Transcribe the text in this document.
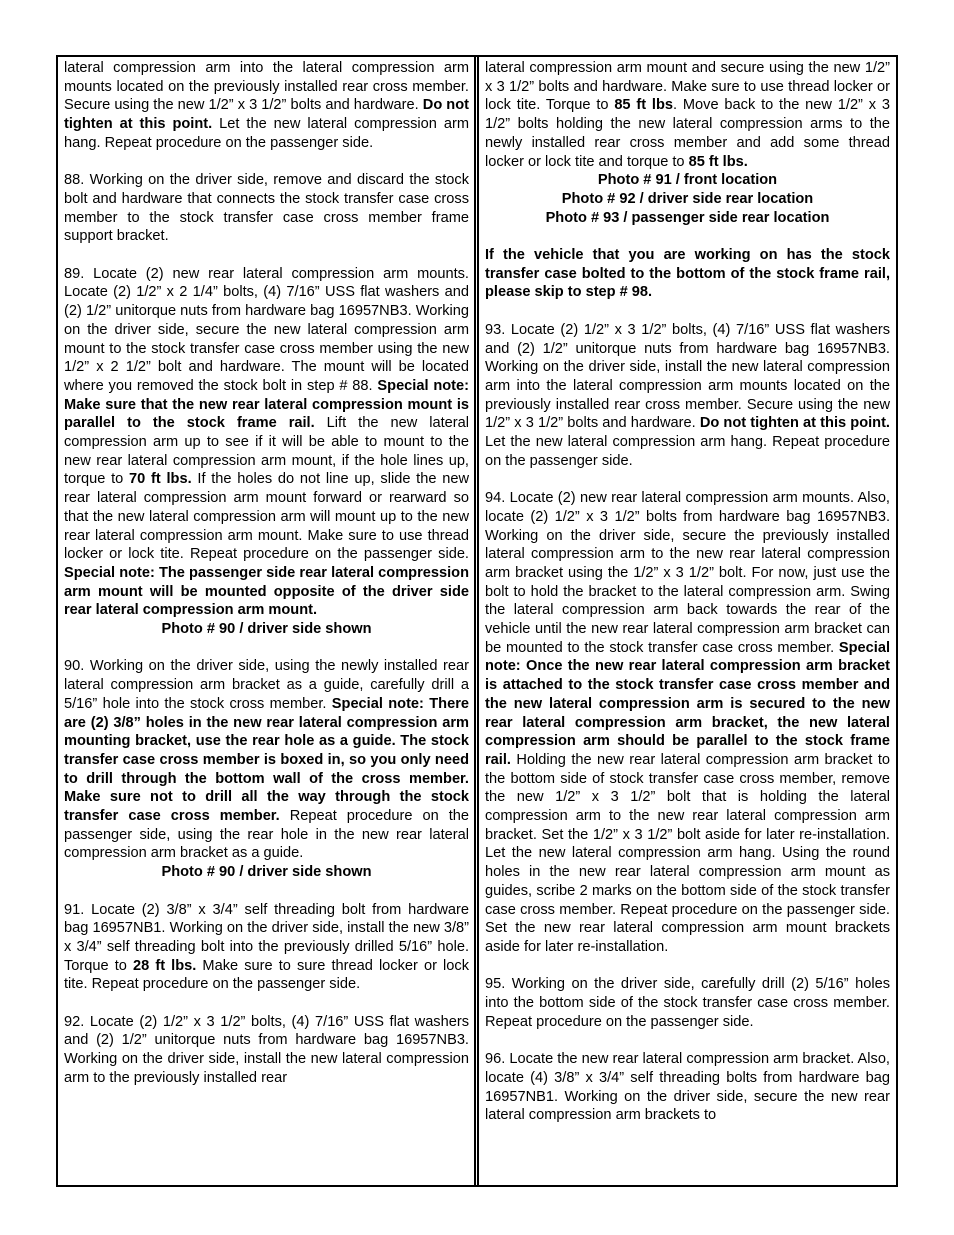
lateral compression arm into the lateral compression arm mounts located on the previously installed rear cross member. Secure using the new 1/2” x 3 1/2” bolts and hardware. Do not tighten at this point. Let the new lateral compression arm hang. Repeat procedure on the passenger side.

88. Working on the driver side, remove and discard the stock bolt and hardware that connects the stock transfer case cross member to the stock transfer case cross member frame support bracket.

89. Locate (2) new rear lateral compression arm mounts. Locate (2) 1/2” x 2 1/4” bolts, (4) 7/16” USS flat washers and (2) 1/2” unitorque nuts from hardware bag 16957NB3. Working on the driver side, secure the new lateral compression arm mount to the stock transfer case cross member using the new 1/2” x 2 1/2” bolt and hardware. The mount will be located where you removed the stock bolt in step # 88. Special note: Make sure that the new rear lateral compression mount is parallel to the stock frame rail. Lift the new lateral compression arm up to see if it will be able to mount to the new rear lateral compression arm mount, if the hole lines up, torque to 70 ft lbs. If the holes do not line up, slide the new rear lateral compression arm mount forward or rearward so that the new lateral compression arm will mount up to the new rear lateral compression arm mount. Make sure to use thread locker or lock tite. Repeat procedure on the passenger side. Special note: The passenger side rear lateral compression arm mount will be mounted opposite of the driver side rear lateral compression arm mount.

Photo # 90 / driver side shown

90. Working on the driver side, using the newly installed rear lateral compression arm bracket as a guide, carefully drill a 5/16” hole into the stock cross member. Special note: There are (2) 3/8” holes in the new rear lateral compression arm mounting bracket, use the rear hole as a guide. The stock transfer case cross member is boxed in, so you only need to drill through the bottom wall of the cross member. Make sure not to drill all the way through the stock transfer case cross member. Repeat procedure on the passenger side, using the rear hole in the new rear lateral compression arm bracket as a guide.

Photo # 90 / driver side shown

91. Locate (2) 3/8” x 3/4” self threading bolt from hardware bag 16957NB1. Working on the driver side, install the new 3/8” x 3/4” self threading bolt into the previously drilled 5/16” hole. Torque to 28 ft lbs. Make sure to sure thread locker or lock tite. Repeat procedure on the passenger side.

92. Locate (2) 1/2” x 3 1/2” bolts, (4) 7/16” USS flat washers and (2) 1/2” unitorque nuts from hardware bag 16957NB3. Working on the driver side, install the new lateral compression arm to the previously installed rear

lateral compression arm mount and secure using the new 1/2” x 3 1/2” bolts and hardware. Make sure to use thread locker or lock tite. Torque to 85 ft lbs. Move back to the new 1/2” x 3 1/2” bolts holding the new lateral compression arms to the newly installed rear cross member and add some thread locker or lock tite and torque to 85 ft lbs.

Photo # 91 / front location

Photo # 92 / driver side rear location

Photo # 93 / passenger side rear location

If the vehicle that you are working on has the stock transfer case bolted to the bottom of the stock frame rail, please skip to step # 98.

93. Locate (2) 1/2” x 3 1/2” bolts, (4) 7/16” USS flat washers and (2) 1/2” unitorque nuts from hardware bag 16957NB3. Working on the driver side, install the new lateral compression arm into the lateral compression arm mounts located on the previously installed rear cross member. Secure using the new 1/2” x 3 1/2” bolts and hardware. Do not tighten at this point. Let the new lateral compression arm hang. Repeat procedure on the passenger side.

94. Locate (2) new rear lateral compression arm mounts. Also, locate (2) 1/2” x 3 1/2” bolts from hardware bag 16957NB3. Working on the driver side, secure the previously installed lateral compression arm to the new rear lateral compression arm bracket using the 1/2” x 3 1/2” bolt. For now, just use the bolt to hold the bracket to the lateral compression arm. Swing the lateral compression arm back towards the rear of the vehicle until the new rear lateral compression arm bracket can be mounted to the stock transfer case cross member. Special note: Once the new rear lateral compression arm bracket is attached to the stock transfer case cross member and the new lateral compression arm is secured to the new rear lateral compression arm bracket, the new lateral compression arm should be parallel to the stock frame rail. Holding the new rear lateral compression arm bracket to the bottom side of stock transfer case cross member, remove the new 1/2” x 3 1/2” bolt that is holding the lateral compression arm to the new rear lateral compression arm bracket. Set the 1/2” x 3 1/2” bolt aside for later re-installation. Let the new lateral compression arm hang. Using the round holes in the new rear lateral compression arm mount as guides, scribe 2 marks on the bottom side of the stock transfer case cross member. Repeat procedure on the passenger side. Set the new rear lateral compression arm mount brackets aside for later re-installation.

95. Working on the driver side, carefully drill (2) 5/16” holes into the bottom side of the stock transfer case cross member. Repeat procedure on the passenger side.

96. Locate the new rear lateral compression arm bracket. Also, locate (4) 3/8” x 3/4” self threading bolts from hardware bag 16957NB1. Working on the driver side, secure the new rear lateral compression arm brackets to
